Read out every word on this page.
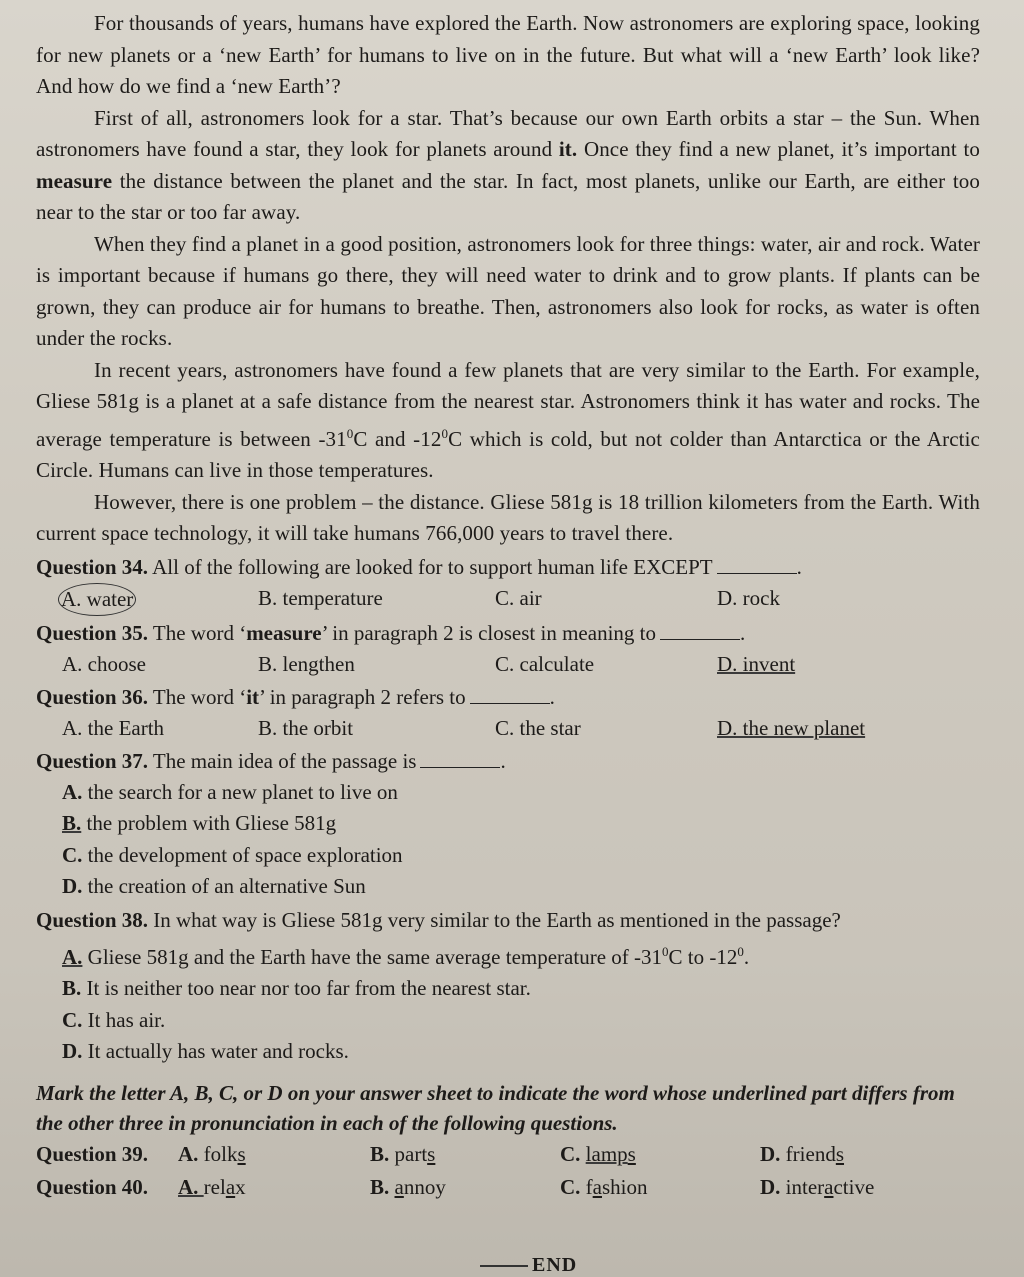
For thousands of years, humans have explored the Earth. Now astronomers are exploring space, looking for new planets or a ‘new Earth’ for humans to live on in the future. But what will a ‘new Earth’ look like? And how do we find a ‘new Earth’?

First of all, astronomers look for a star. That’s because our own Earth orbits a star – the Sun. When astronomers have found a star, they look for planets around it. Once they find a new planet, it’s important to measure the distance between the planet and the star. In fact, most planets, unlike our Earth, are either too near to the star or too far away.

When they find a planet in a good position, astronomers look for three things: water, air and rock. Water is important because if humans go there, they will need water to drink and to grow plants. If plants can be grown, they can produce air for humans to breathe. Then, astronomers also look for rocks, as water is often under the rocks.

In recent years, astronomers have found a few planets that are very similar to the Earth. For example, Gliese 581g is a planet at a safe distance from the nearest star. Astronomers think it has water and rocks. The average temperature is between $-31^0C$ and $-12^0C$ which is cold, but not colder than Antarctica or the Arctic Circle. Humans can live in those temperatures.

However, there is one problem – the distance. Gliese 581g is 18 trillion kilometers from the Earth. With current space technology, it will take humans 766,000 years to travel there.

Question 34. All of the following are looked for to support human life EXCEPT	.
A. water	B. temperature	C. air	D. rock
Question 35. The word ‘measure’ in paragraph 2 is closest in meaning to	.
A. choose	B. lengthen	C. calculate	D. invent
Question 36. The word ‘it’ in paragraph 2 refers to	.
A. the Earth	B. the orbit	C. the star	D. the new planet
Question 37. The main idea of the passage is	.
A. the search for a new planet to live on
B. the problem with Gliese 581g
C. the development of space exploration
D. the creation of an alternative Sun
Question 38. In what way is Gliese 581g very similar to the Earth as mentioned in the passage?
A. Gliese 581g and the Earth have the same average temperature of $-31^0C$ to $-12^0$.
B. It is neither too near nor too far from the nearest star.
C. It has air.
D. It actually has water and rocks.
Mark the letter A, B, C, or D on your answer sheet to indicate the word whose underlined part differs from the other three in pronunciation in each of the following questions.
Question 39.	A. folks	B. parts	C. lamps	D. friends
Question 40.	A. relax	B. annoy	C. fashion	D. interactive
END
